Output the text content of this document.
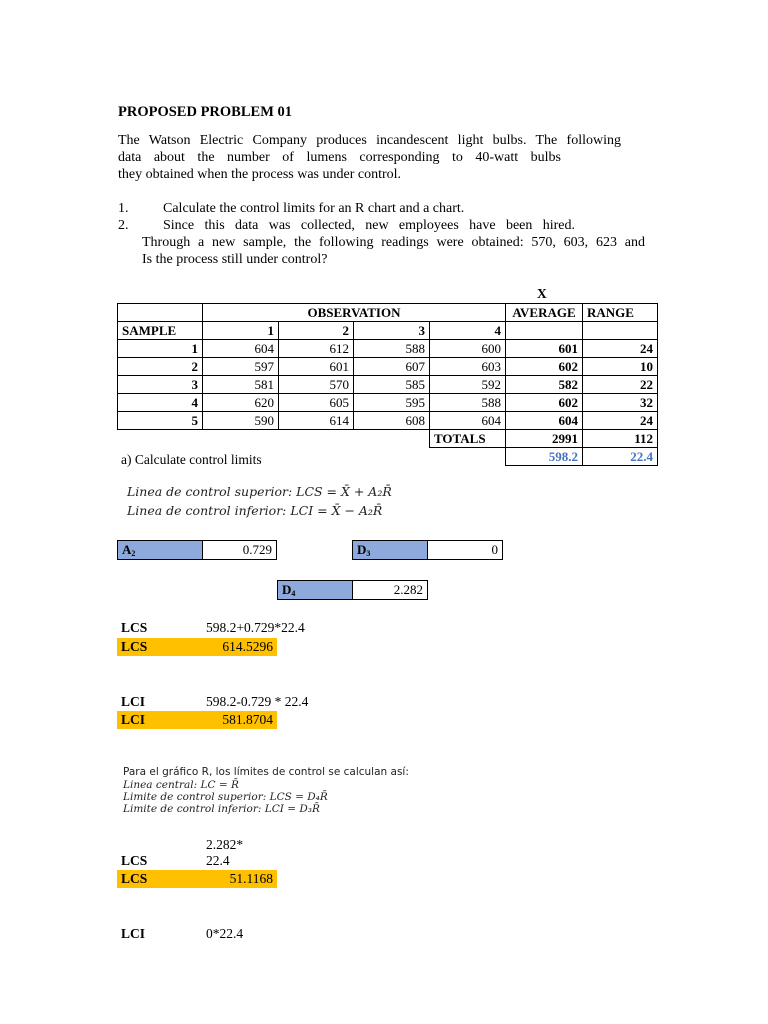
PROPOSED PROBLEM 01
The Watson Electric Company produces incandescent light bulbs. The following
data about the number of lumens corresponding to 40-watt bulbs
they obtained when the process was under control.
1. Calculate the control limits for an R chart and a chart.
2. Since this data was collected, new employees have been hired.
Through a new sample, the following readings were obtained: 570, 603, 623 and
Is the process still under control?
X
		OBSERVATION			AVERAGE	RANGE
SAMPLE	1	2	3	4		
1	604	612	588	600	601	24
2	597	601	607	603	602	10
3	581	570	585	592	582	22
4	620	605	595	588	602	32
5	590	614	608	604	604	24
				TOTALS	2991	112
					598.2	22.4
a) Calculate control limits
Linea de control superior: LCS = X̄ + A₂R̄
Linea de control inferior: LCI = X̄ − A₂R̄
$A_2$	0.729	$D_3$	0
$D_4$	2.282
LCS	598.2+0.729*22.4
LCS	614.5296
LCI	598.2-0.729 * 22.4
LCI	581.8704
Para el gráfico R, los límites de control se calculan así:
Linea central: LC = R̄
Limite de control superior: LCS = D₄R̄
Limite de control inferior: LCI = D₃R̄
2.282*
LCS	22.4
LCS	51.1168
LCI	0*22.4
